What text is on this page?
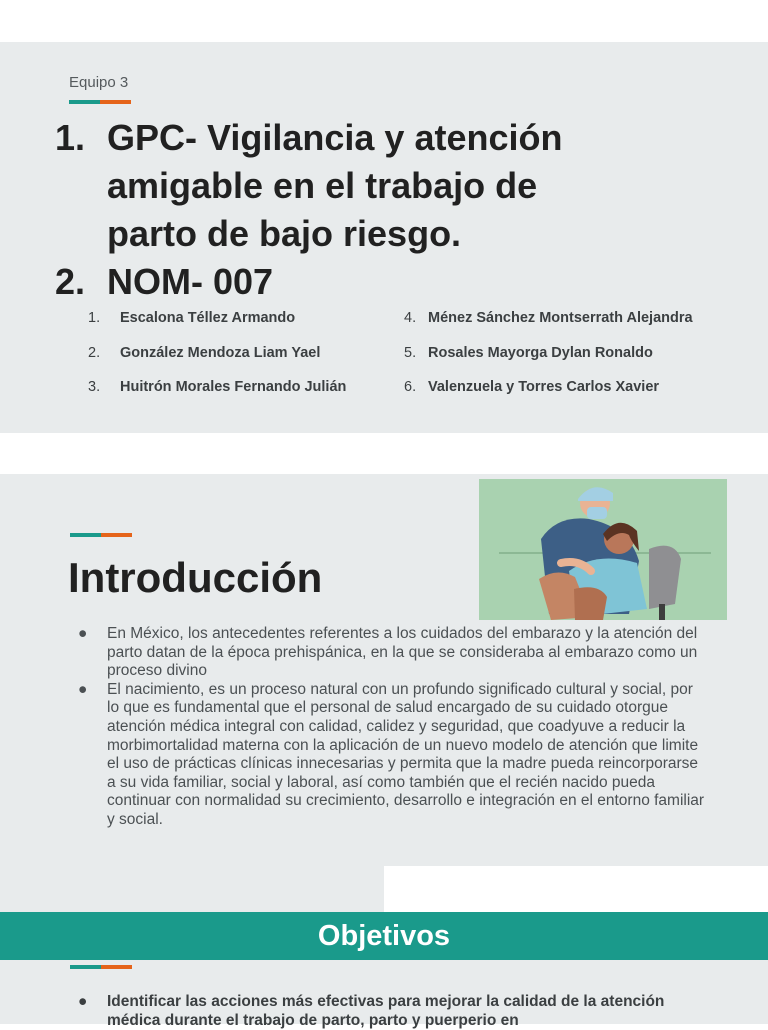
Equipo 3
1. GPC- Vigilancia y atención
amigable en el trabajo de
parto de bajo riesgo.
2. NOM- 007
1.	Escalona Téllez Armando
2.	González Mendoza Liam Yael
3.	Huitrón Morales Fernando Julián
4. Ménez Sánchez Montserrath Alejandra
5. Rosales Mayorga Dylan Ronaldo
6. Valenzuela y Torres Carlos Xavier
Introducción
● En México, los antecedentes referentes a los cuidados del embarazo y la atención del parto datan de la época prehispánica, en la que se consideraba al embarazo como un proceso divino
● El nacimiento, es un proceso natural con un profundo significado cultural y social, por lo que es fundamental que el personal de salud encargado de su cuidado otorgue atención médica integral con calidad, calidez y seguridad, que coadyuve a reducir la morbimortalidad materna con la aplicación de un nuevo modelo de atención que limite el uso de prácticas clínicas innecesarias y permita que la madre pueda reincorporarse a su vida familiar, social y laboral, así como también que el recién nacido pueda continuar con normalidad su crecimiento, desarrollo e integración en el entorno familiar y social.
Objetivos
● Identificar las acciones más efectivas para mejorar la calidad de la atención médica durante el trabajo de parto, parto y puerperio en
